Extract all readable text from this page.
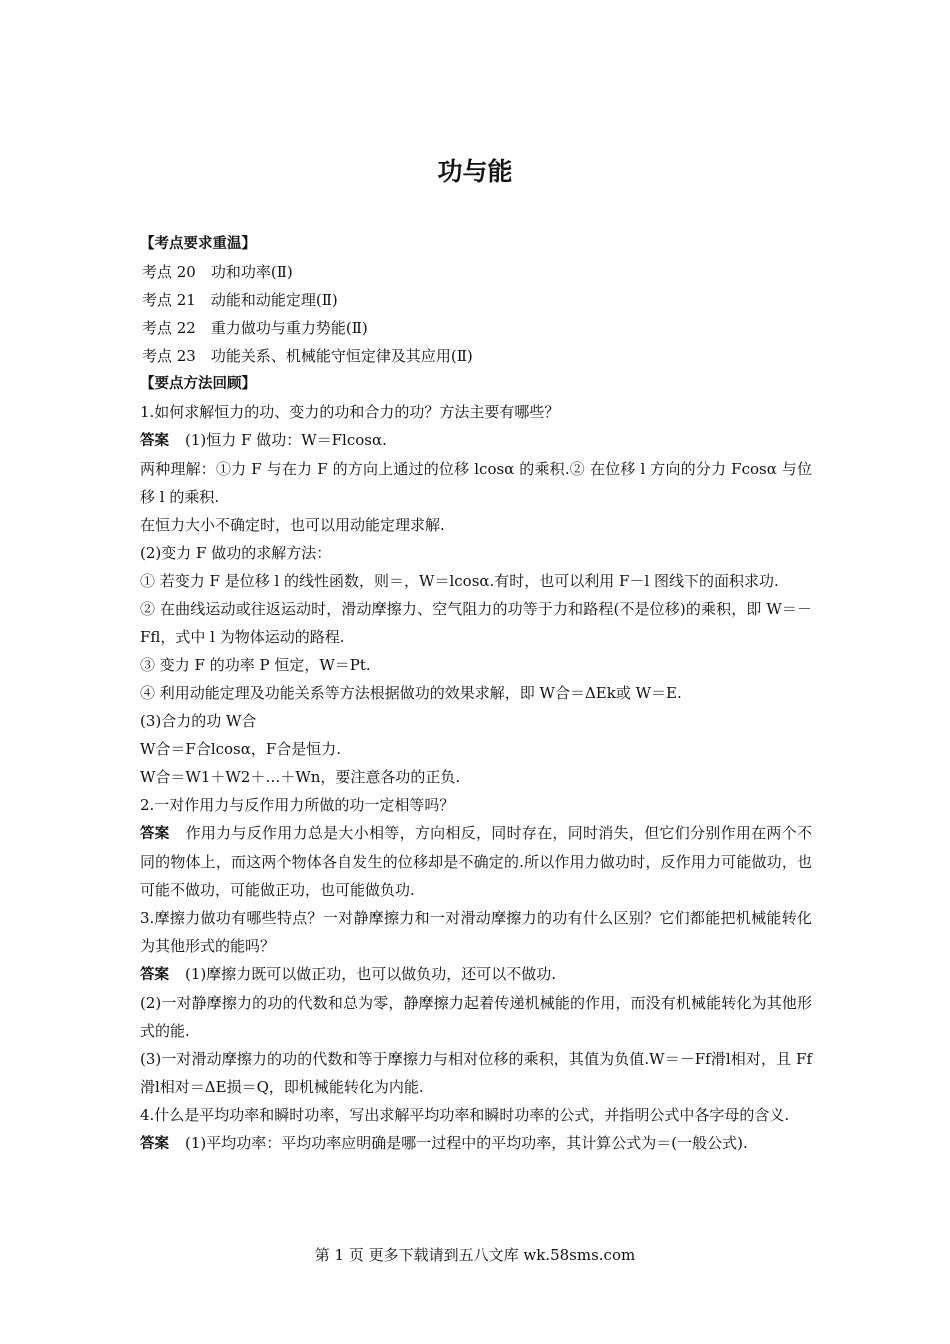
功与能
【考点要求重温】
考点 20　功和功率(Ⅱ)
考点 21　动能和动能定理(Ⅱ)
考点 22　重力做功与重力势能(Ⅱ)
考点 23　功能关系、机械能守恒定律及其应用(Ⅱ)
【要点方法回顾】
1.如何求解恒力的功、变力的功和合力的功？方法主要有哪些？
答案 (1)恒力 F 做功：W＝Flcosα.
两种理解：①力 F 与在力 F 的方向上通过的位移 lcosα 的乘积.② 在位移 l 方向的分力 Fcosα 与位移 l 的乘积.
在恒力大小不确定时，也可以用动能定理求解.
(2)变力 F 做功的求解方法：
① 若变力 F 是位移 l 的线性函数，则＝，W＝lcosα.有时，也可以利用 F－l 图线下的面积求功.
② 在曲线运动或往返运动时，滑动摩擦力、空气阻力的功等于力和路程(不是位移)的乘积，即 W＝－Ffl，式中 l 为物体运动的路程.
③ 变力 F 的功率 P 恒定，W＝Pt.
④ 利用动能定理及功能关系等方法根据做功的效果求解，即 W合＝ΔEk或 W＝E.
(3)合力的功 W合
W合＝F合lcosα，F合是恒力.
W合＝W1＋W2＋…＋Wn，要注意各功的正负.
2.一对作用力与反作用力所做的功一定相等吗？
答案 作用力与反作用力总是大小相等，方向相反，同时存在，同时消失，但它们分别作用在两个不同的物体上，而这两个物体各自发生的位移却是不确定的.所以作用力做功时，反作用力可能做功，也可能不做功，可能做正功，也可能做负功.
3.摩擦力做功有哪些特点？一对静摩擦力和一对滑动摩擦力的功有什么区别？它们都能把机械能转化为其他形式的能吗？
答案 (1)摩擦力既可以做正功，也可以做负功，还可以不做功.
(2)一对静摩擦力的功的代数和总为零，静摩擦力起着传递机械能的作用，而没有机械能转化为其他形式的能.
(3)一对滑动摩擦力的功的代数和等于摩擦力与相对位移的乘积，其值为负值.W＝－Ff滑l相对，且 Ff滑l相对＝ΔE损＝Q，即机械能转化为内能.
4.什么是平均功率和瞬时功率，写出求解平均功率和瞬时功率的公式，并指明公式中各字母的含义.
答案 (1)平均功率：平均功率应明确是哪一过程中的平均功率，其计算公式为＝(一般公式).
第 1 页 更多下载请到五八文库 wk.58sms.com
